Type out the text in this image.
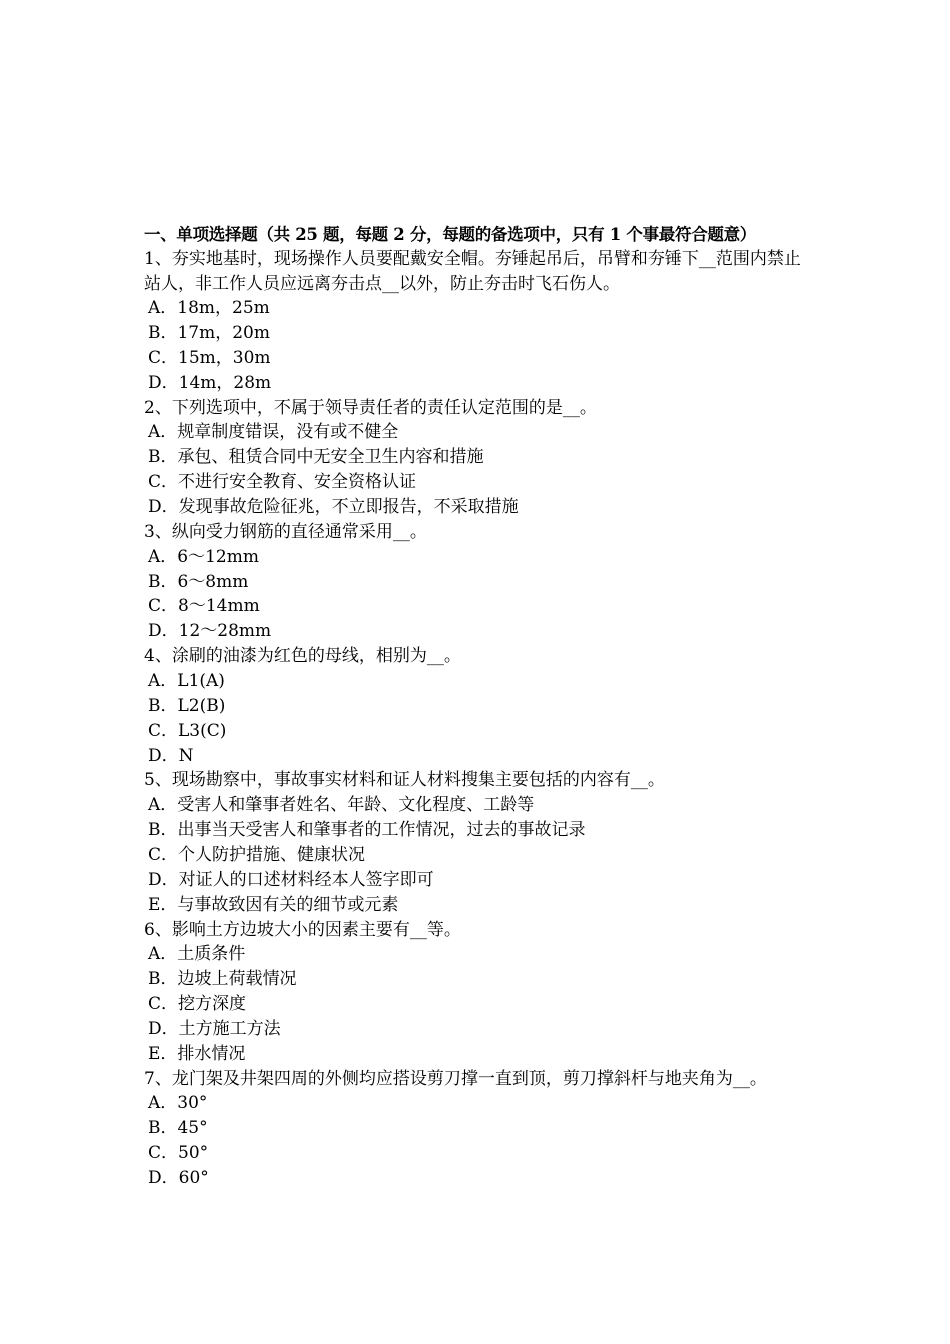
一、单项选择题（共 25 题，每题 2 分，每题的备选项中，只有 1 个事最符合题意）

1、夯实地基时，现场操作人员要配戴安全帽。夯锤起吊后，吊臂和夯锤下__范围内禁止站人，非工作人员应远离夯击点__以外，防止夯击时飞石伤人。

A．18m，25m

B．17m，20m

C．15m，30m

D．14m，28m

2、下列选项中，不属于领导责任者的责任认定范围的是__。

A．规章制度错误，没有或不健全

B．承包、租赁合同中无安全卫生内容和措施

C．不进行安全教育、安全资格认证

D．发现事故危险征兆，不立即报告，不采取措施

3、纵向受力钢筋的直径通常采用__。

A．6～12mm

B．6～8mm

C．8～14mm

D．12～28mm

4、涂刷的油漆为红色的母线，相别为__。

A．L1(A)

B．L2(B)

C．L3(C)

D．N

5、现场勘察中，事故事实材料和证人材料搜集主要包括的内容有__。

A．受害人和肇事者姓名、年龄、文化程度、工龄等

B．出事当天受害人和肇事者的工作情况，过去的事故记录

C．个人防护措施、健康状况

D．对证人的口述材料经本人签字即可

E．与事故致因有关的细节或元素

6、影响土方边坡大小的因素主要有__等。

A．土质条件

B．边坡上荷载情况

C．挖方深度

D．土方施工方法

E．排水情况

7、龙门架及井架四周的外侧均应搭设剪刀撑一直到顶，剪刀撑斜杆与地夹角为__。

A．30°

B．45°

C．50°

D．60°
